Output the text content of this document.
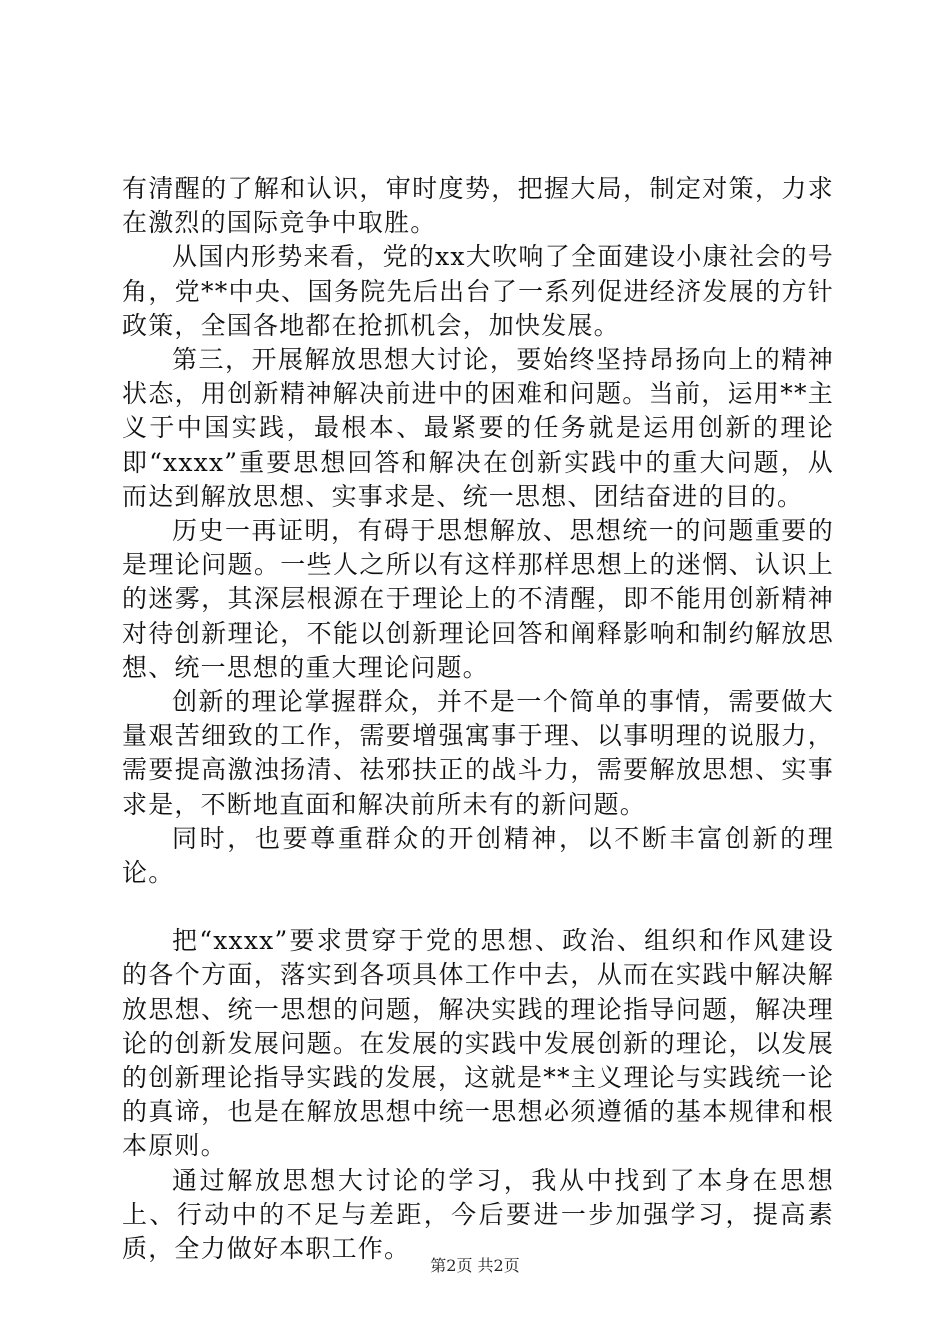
有清醒的了解和认识，审时度势，把握大局，制定对策，力求在激烈的国际竞争中取胜。

从国内形势来看，党的xx大吹响了全面建设小康社会的号角，党**中央、国务院先后出台了一系列促进经济发展的方针政策，全国各地都在抢抓机会，加快发展。

第三，开展解放思想大讨论，要始终坚持昂扬向上的精神状态，用创新精神解决前进中的困难和问题。当前，运用**主义于中国实践，最根本、最紧要的任务就是运用创新的理论即“xxxx”重要思想回答和解决在创新实践中的重大问题，从而达到解放思想、实事求是、统一思想、团结奋进的目的。

历史一再证明，有碍于思想解放、思想统一的问题重要的是理论问题。一些人之所以有这样那样思想上的迷惘、认识上的迷雾，其深层根源在于理论上的不清醒，即不能用创新精神对待创新理论，不能以创新理论回答和阐释影响和制约解放思想、统一思想的重大理论问题。

创新的理论掌握群众，并不是一个简单的事情，需要做大量艰苦细致的工作，需要增强寓事于理、以事明理的说服力，需要提高激浊扬清、祛邪扶正的战斗力，需要解放思想、实事求是，不断地直面和解决前所未有的新问题。

同时，也要尊重群众的开创精神，以不断丰富创新的理论。

把“xxxx”要求贯穿于党的思想、政治、组织和作风建设的各个方面，落实到各项具体工作中去，从而在实践中解决解放思想、统一思想的问题，解决实践的理论指导问题，解决理论的创新发展问题。在发展的实践中发展创新的理论，以发展的创新理论指导实践的发展，这就是**主义理论与实践统一论的真谛，也是在解放思想中统一思想必须遵循的基本规律和根本原则。

通过解放思想大讨论的学习，我从中找到了本身在思想上、行动中的不足与差距，今后要进一步加强学习，提高素质，全力做好本职工作。

第2页 共2页
